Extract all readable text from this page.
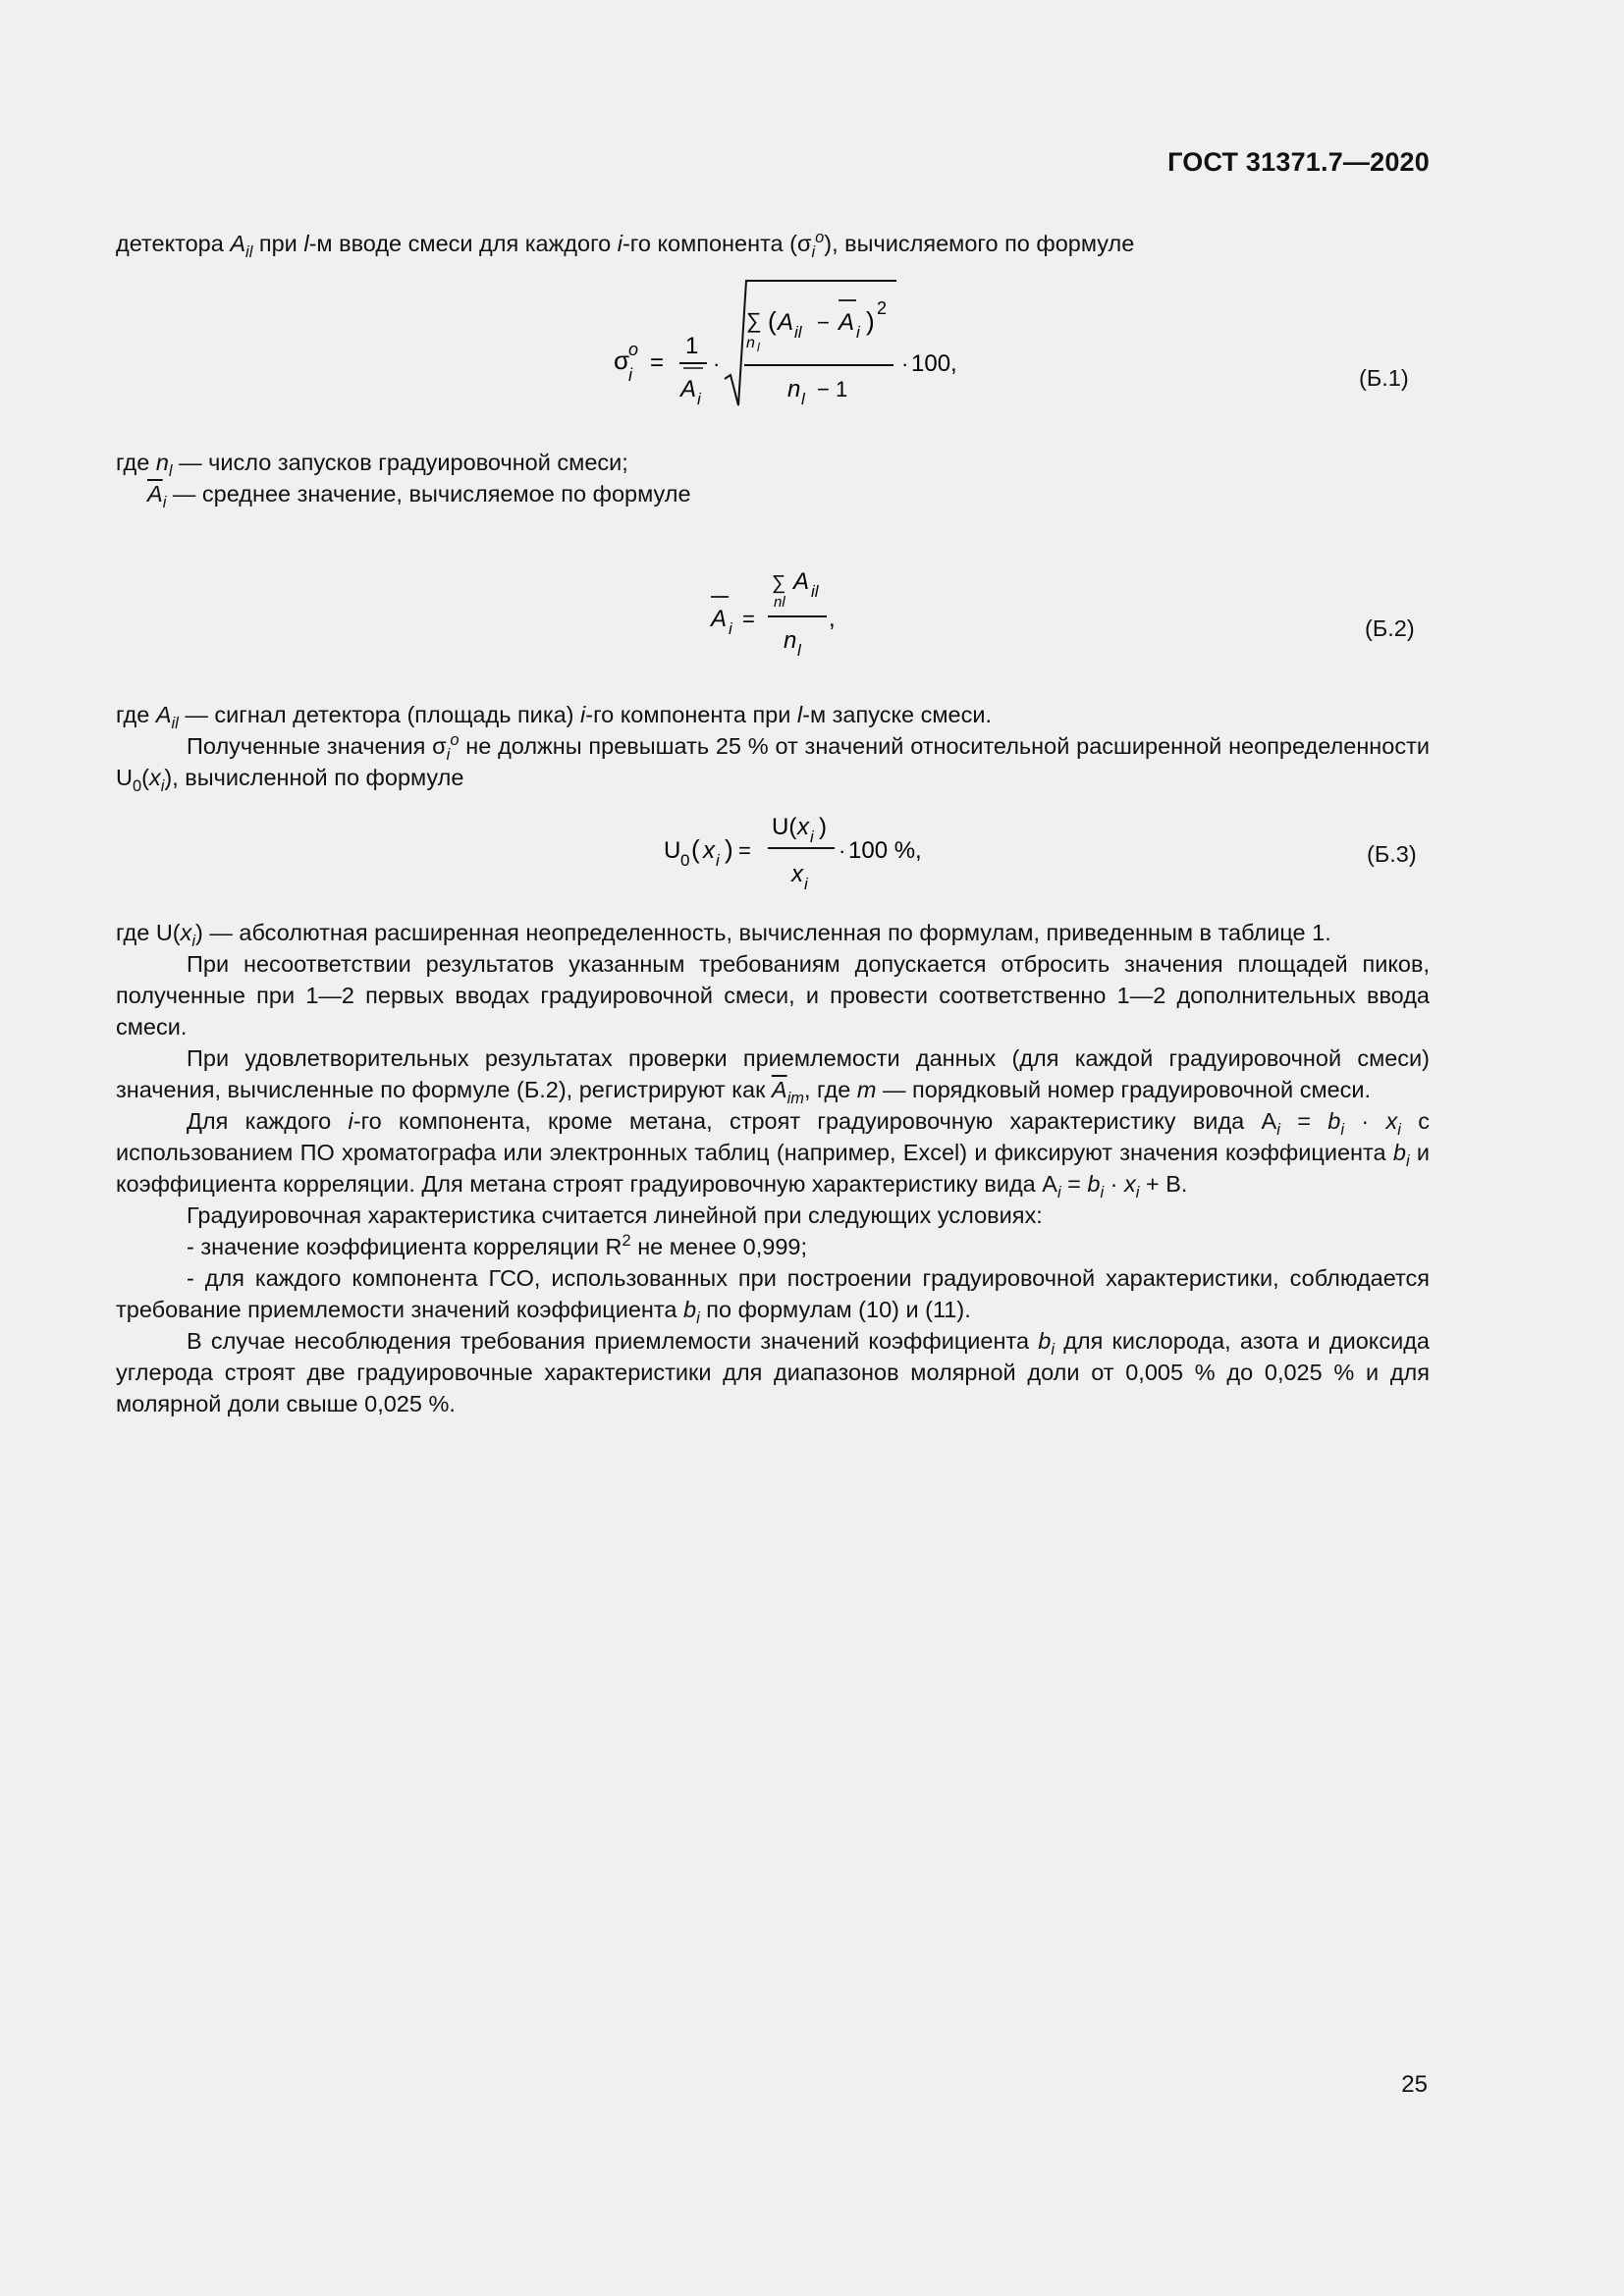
ГОСТ 31371.7—2020
детектора $A_{il}$ при l-м вводе смеси для каждого i-го компонента $(\sigma_i^o)$, вычисляемого по формуле
σ
o
i =
1
A i
·
∑
n l
( A il − A i ) 2
n l − 1
· 100,
(Б.1)
где $n_l$ — число запусков градуировочной смеси;
$\overline{A}_i$ — среднее значение, вычисляемое по формуле
A i =
∑
nl
A il
n l
,	(Б.2)
где $A_{il}$ — сигнал детектора (площадь пика) i-го компонента при l-м запуске смеси.
Полученные значения $\sigma_i^o$ не должны превышать 25 % от значений относительной расширенной неопределенности $U_0(x_i)$, вычисленной по формуле
U 0 ( x i ) =
U( x i )
x i
· 100 %,	(Б.3)
где $U(x_i)$ — абсолютная расширенная неопределенность, вычисленная по формулам, приведенным в таблице 1.
При несоответствии результатов указанным требованиям допускается отбросить значения площадей пиков, полученные при 1—2 первых вводах градуировочной смеси, и провести соответственно 1—2 дополнительных ввода смеси.
При удовлетворительных результатах проверки приемлемости данных (для каждой градуировочной смеси) значения, вычисленные по формуле (Б.2), регистрируют как $\overline{A}_{im}$, где m — порядковый номер градуировочной смеси.
Для каждого i-го компонента, кроме метана, строят градуировочную характеристику вида $A_i = b_i \cdot x_i$ с использованием ПО хроматографа или электронных таблиц (например, Excel) и фиксируют значения коэффициента $b_i$ и коэффициента корреляции. Для метана строят градуировочную характеристику вида $A_i = b_i \cdot x_i + B$.
Градуировочная характеристика считается линейной при следующих условиях:
- значение коэффициента корреляции $R^2$ не менее 0,999;
- для каждого компонента ГСО, использованных при построении градуировочной характеристики, соблюдается требование приемлемости значений коэффициента $b_i$ по формулам (10) и (11).
В случае несоблюдения требования приемлемости значений коэффициента $b_i$ для кислорода, азота и диоксида углерода строят две градуировочные характеристики для диапазонов молярной доли от 0,005 % до 0,025 % и для молярной доли свыше 0,025 %.
25
